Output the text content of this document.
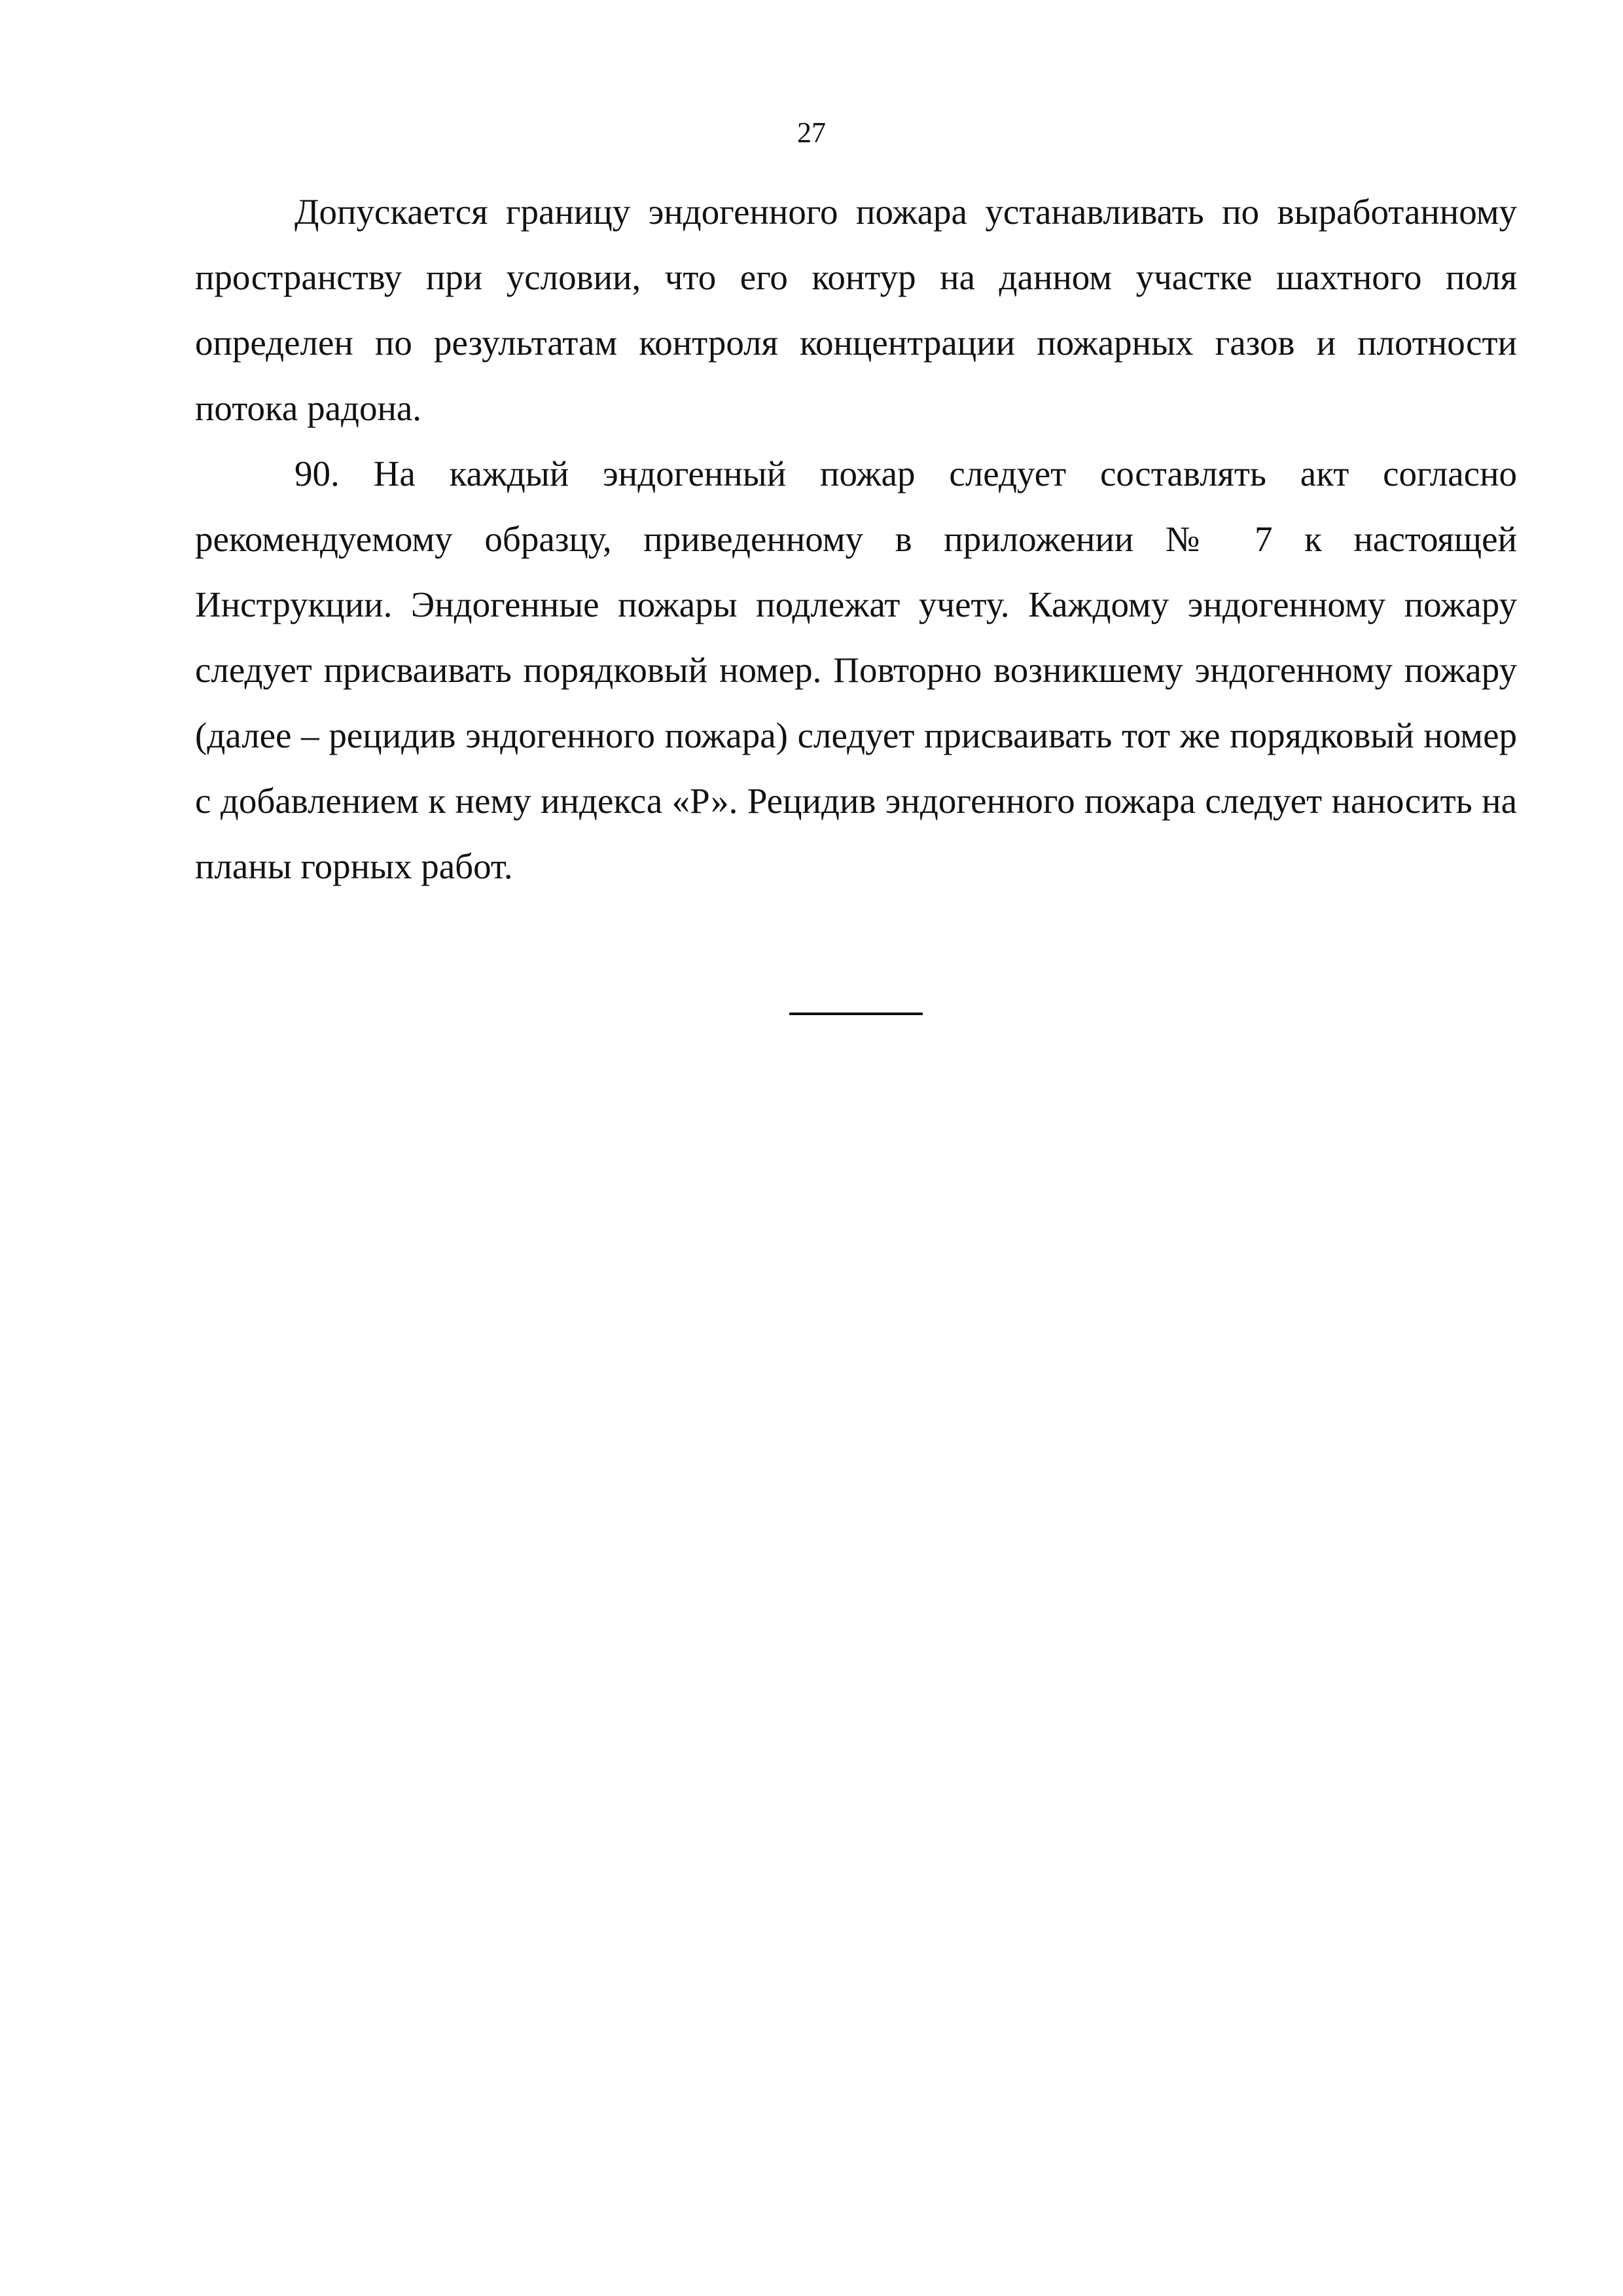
27

Допускается границу эндогенного пожара устанавливать по выработанному пространству при условии, что его контур на данном участке шахтного поля определен по результатам контроля концентрации пожарных газов и плотности потока радона.

90. На каждый эндогенный пожар следует составлять акт согласно рекомендуемому образцу, приведенному в приложении № 7 к настоящей Инструкции. Эндогенные пожары подлежат учету. Каждому эндогенному пожару следует присваивать порядковый номер. Повторно возникшему эндогенному пожару (далее – рецидив эндогенного пожара) следует присваивать тот же порядковый номер с добавлением к нему индекса «Р». Рецидив эндогенного пожара следует наносить на планы горных работ.
